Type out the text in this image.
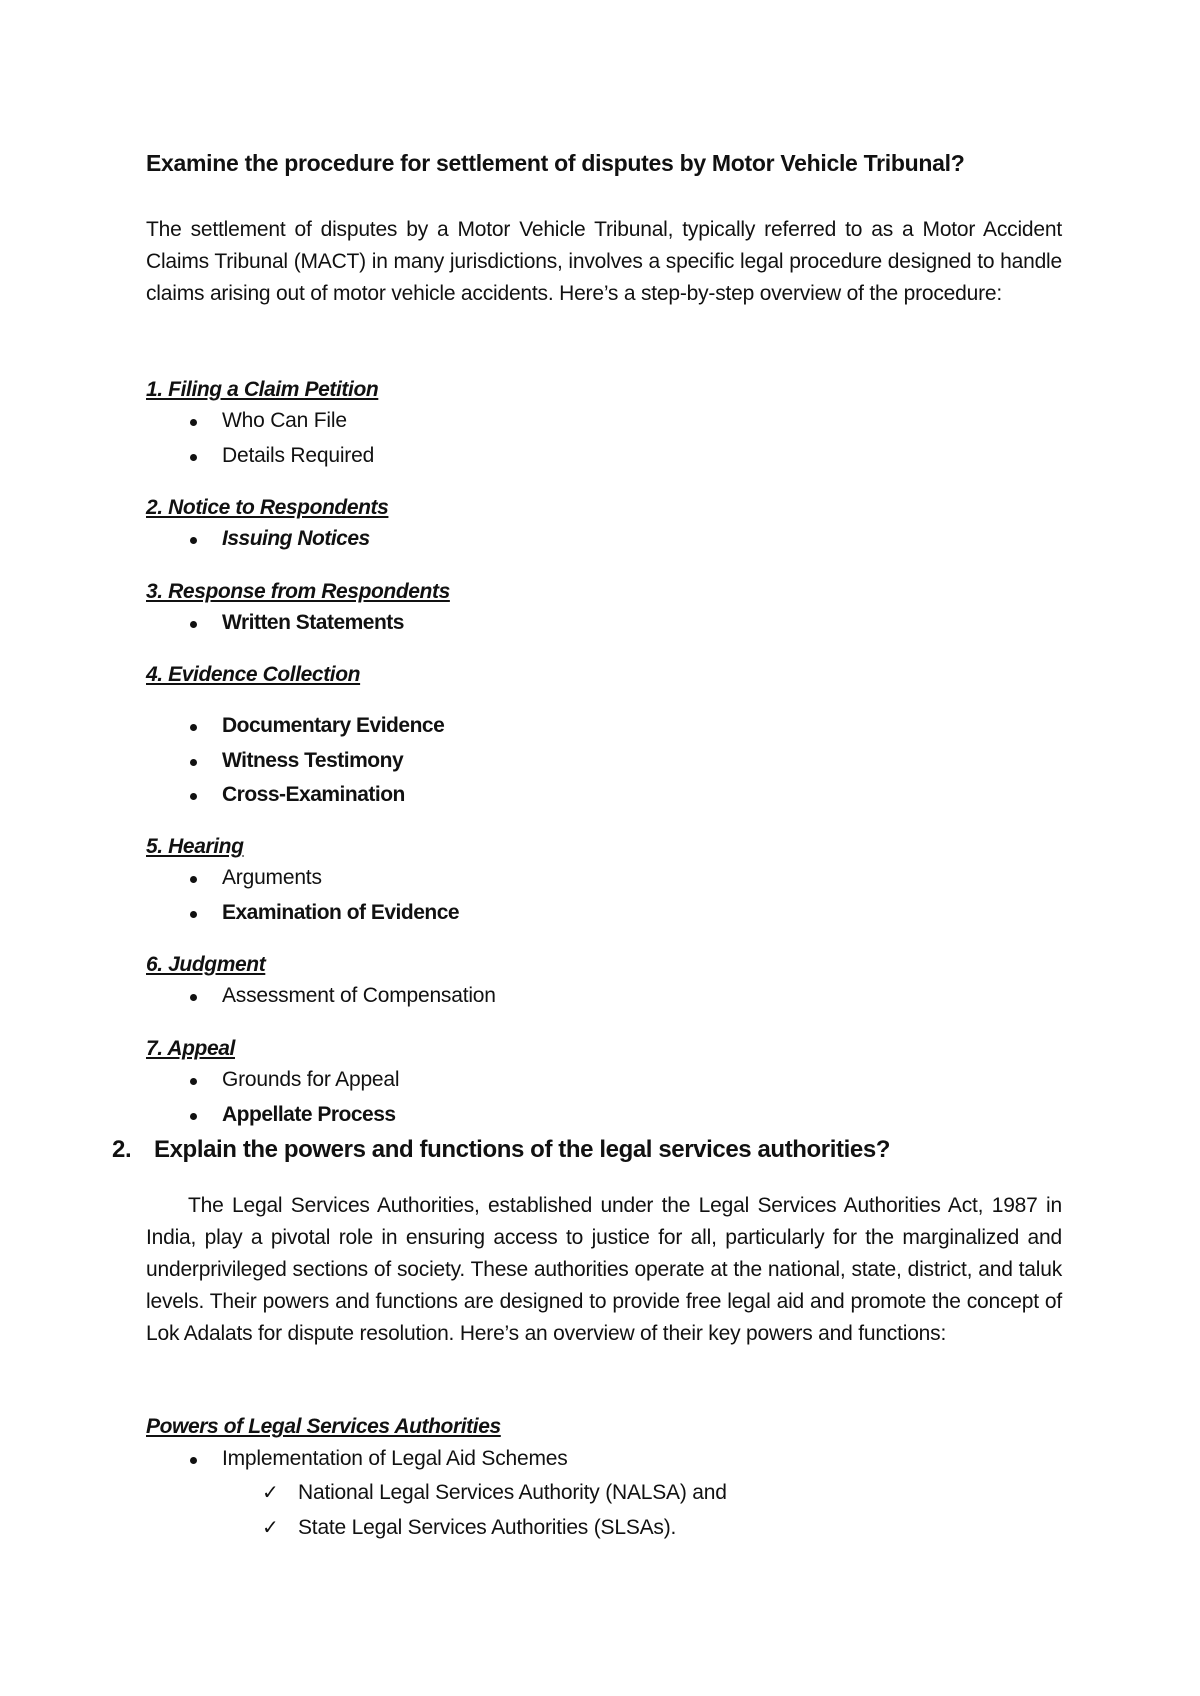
Examine the procedure for settlement of disputes by Motor Vehicle Tribunal?
The settlement of disputes by a Motor Vehicle Tribunal, typically referred to as a Motor Accident Claims Tribunal (MACT) in many jurisdictions, involves a specific legal procedure designed to handle claims arising out of motor vehicle accidents. Here’s a step-by-step overview of the procedure:
1. Filing a Claim Petition
Who Can File
Details Required
2. Notice to Respondents
Issuing Notices
3. Response from Respondents
Written Statements
4. Evidence Collection
Documentary Evidence
Witness Testimony
Cross-Examination
5. Hearing
Arguments
Examination of Evidence
6. Judgment
Assessment of Compensation
7. Appeal
Grounds for Appeal
Appellate Process
2. Explain the powers and functions of the legal services authorities?
The Legal Services Authorities, established under the Legal Services Authorities Act, 1987 in India, play a pivotal role in ensuring access to justice for all, particularly for the marginalized and underprivileged sections of society. These authorities operate at the national, state, district, and taluk levels. Their powers and functions are designed to provide free legal aid and promote the concept of Lok Adalats for dispute resolution. Here’s an overview of their key powers and functions:
Powers of Legal Services Authorities
Implementation of Legal Aid Schemes
✓ National Legal Services Authority (NALSA) and
✓ State Legal Services Authorities (SLSAs).
